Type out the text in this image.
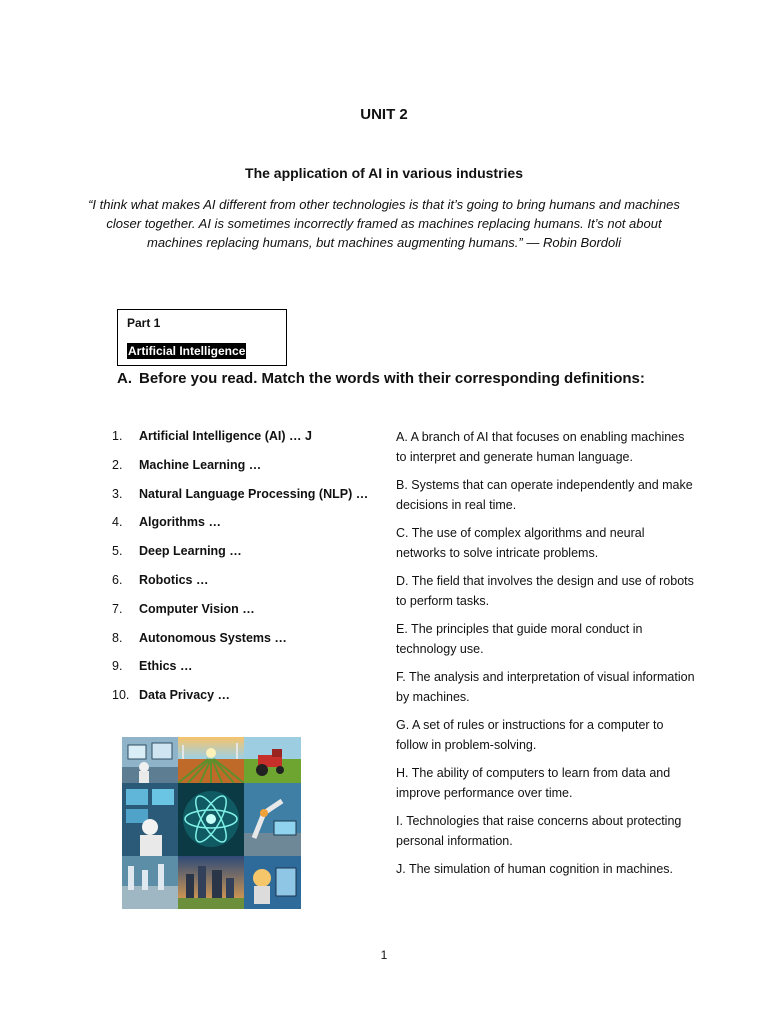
UNIT 2
The application of AI in various industries
“I think what makes AI different from other technologies is that it’s going to bring humans and machines closer together. AI is sometimes incorrectly framed as machines replacing humans. It’s not about machines replacing humans, but machines augmenting humans.” — Robin Bordoli
Part 1
Artificial Intelligence
A. Before you read. Match the words with their corresponding definitions:
1.	Artificial Intelligence (AI) … J
2.	Machine Learning …
3.	Natural Language Processing (NLP) …
4.	Algorithms …
5.	Deep Learning …
6.	Robotics …
7.	Computer Vision …
8.	Autonomous Systems …
9.	Ethics …
10. Data Privacy …
A. A branch of AI that focuses on enabling machines to interpret and generate human language.
B. Systems that can operate independently and make decisions in real time.
C. The use of complex algorithms and neural networks to solve intricate problems.
D. The field that involves the design and use of robots to perform tasks.
E. The principles that guide moral conduct in technology use.
F. The analysis and interpretation of visual information by machines.
G. A set of rules or instructions for a computer to follow in problem-solving.
H. The ability of computers to learn from data and improve performance over time.
I. Technologies that raise concerns about protecting personal information.
J. The simulation of human cognition in machines.
1
